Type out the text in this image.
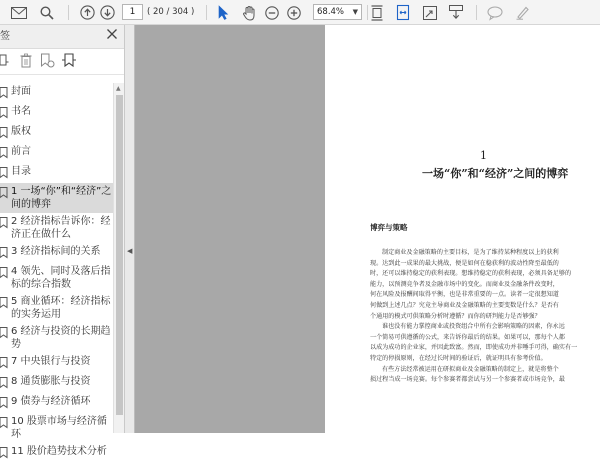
1	( 20 / 304 )	68.4% ▼
签
封面
书名
版权
前言
目录
1 一场“你”和“经济”之间的博弈
2 经济指标告诉你：经济正在做什么
3 经济指标间的关系
4 领先、同时及落后指标的综合指数
5 商业循环：经济指标的实务运用
6 经济与投资的长期趋势
7 中央银行与投资
8 通货膨胀与投资
9 债券与经济循环
10 股票市场与经济循环
11 股价趋势技术分析
▲
◀
1
一场“你”和“经济”之间的博弈
博弈与策略
制定商业及金融策略的主要目标，是为了维持某种程度以上的获利
现。达到此一成果的最大挑战，便是如何在稳获利的波动性降至最低的
时，还可以维持稳定的获利表现。想维持稳定的获利表现，必须具备足够的
能力，以预测竞争者及金融市场中的变化。而商业及金融条件改变时，
何在风险及报酬间取得平衡，也是非常重要的一点。读者一定很想知道
何做到上述几点？究竟主导商业及金融策略的主要变数是什么？是否有
个通用的模式可供策略分析时遵循？而你的研判能力是否够强？
谁也没有能力掌控商业或投资组合中所有会影响策略的因素，你永远
一个简易可供遵循的公式，来告诉你最后的结果。如果可以，那每个人都
以成为成功的企业家，并因此致富。然而，即使成功并非唾手可得，确实有一
特定的停损原则，在经过长时间的验证后，就证明具有参考价值。
有些方法经常被运用在研拟商业及金融策略的制定上，就是将整个
损过程当成一场竞赛。每个参赛者都尝试与另一个参赛者或市场竞争，最
